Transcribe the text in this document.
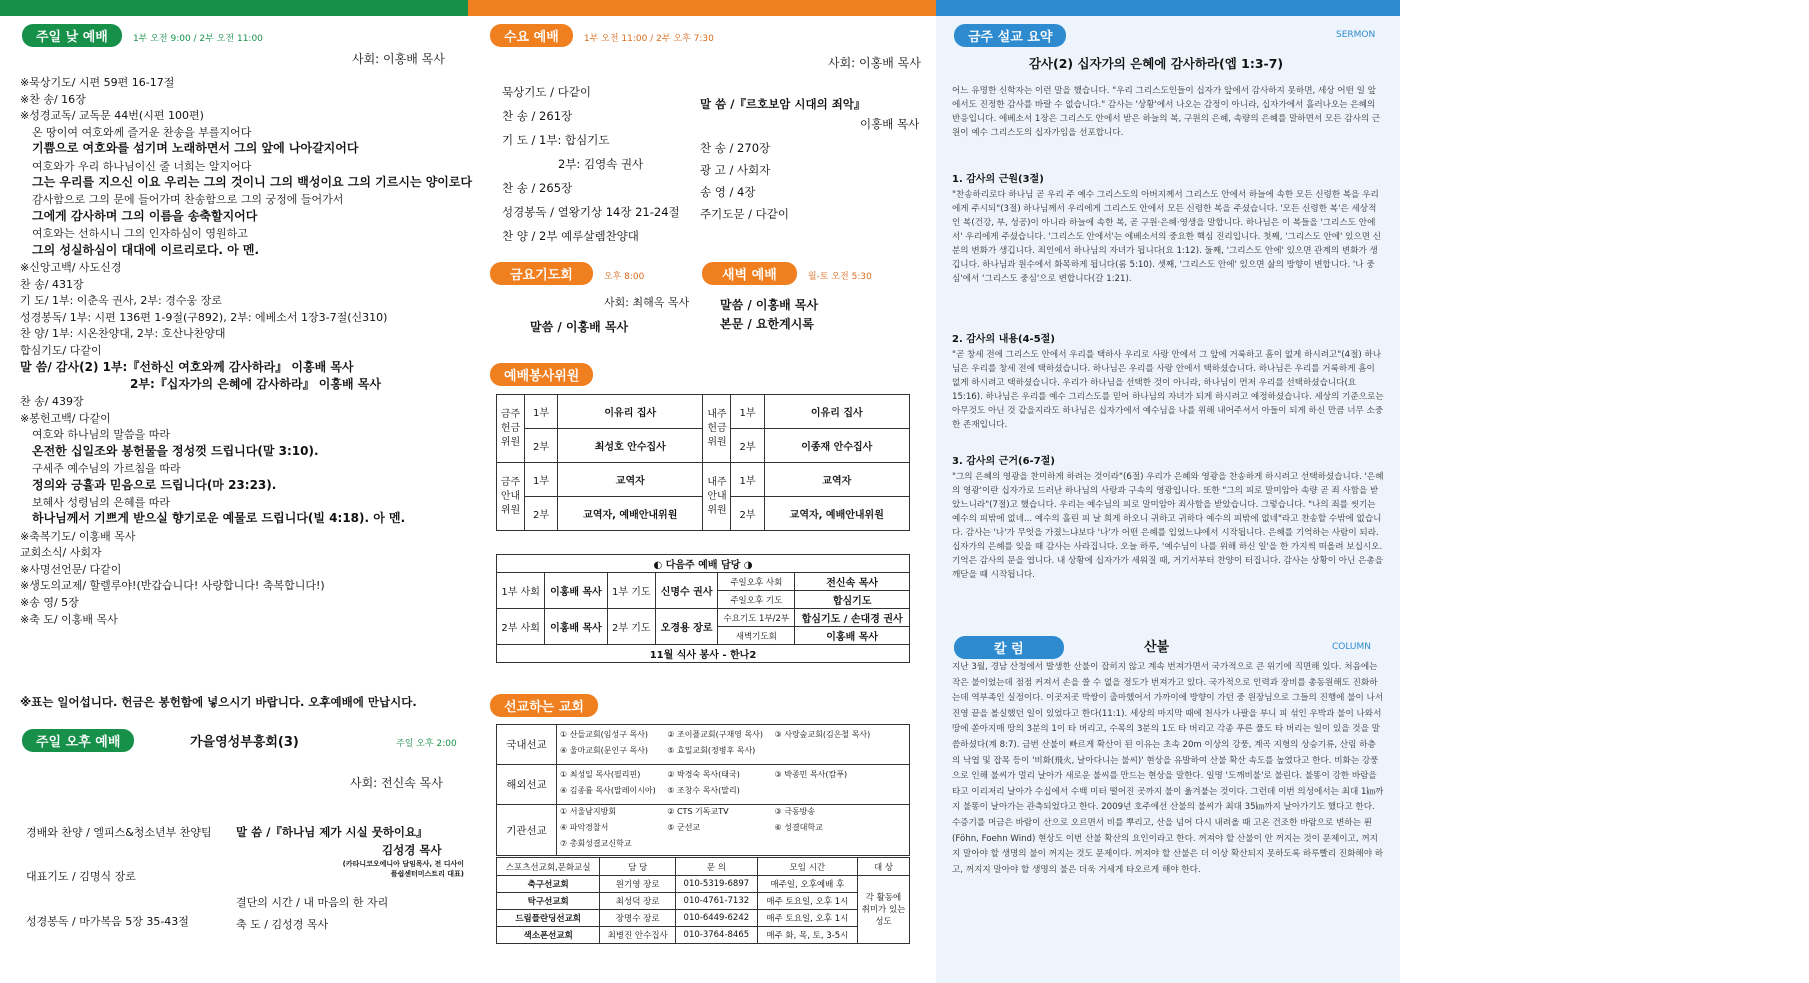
주일 낮 예배	1부 오전 9:00 / 2부 오전 11:00
사회: 이홍배 목사
※묵상기도/ 시편 59편 16-17절
※찬 송/ 16장
※성경교독/ 교독문 44번(시편 100편)
온 땅이여 여호와께 즐거운 찬송을 부를지어다
기쁨으로 여호와를 섬기며 노래하면서 그의 앞에 나아갈지어다
여호와가 우리 하나님이신 줄 너희는 알지어다
그는 우리를 지으신 이요 우리는 그의 것이니 그의 백성이요 그의 기르시는 양이로다
감사함으로 그의 문에 들어가며 찬송함으로 그의 궁정에 들어가서
그에게 감사하며 그의 이름을 송축할지어다
여호와는 선하시니 그의 인자하심이 영원하고
그의 성실하심이 대대에 이르리로다. 아 멘.
※신앙고백/ 사도신경
찬 송/ 431장
기 도/ 1부: 이춘옥 권사, 2부: 경수웅 장로
성경봉독/ 1부: 시편 136편 1-9절(구892), 2부: 에베소서 1장3-7절(신310)
찬 양/ 1부: 시온찬양대, 2부: 호산나찬양대
합심기도/ 다같이
말 씀/ 감사(2) 1부:『선하신 여호와께 감사하라』 이홍배 목사
2부:『십자가의 은혜에 감사하라』 이홍배 목사
찬 송/ 439장
※봉헌고백/ 다같이
여호와 하나님의 말씀을 따라
온전한 십일조와 봉헌물을 정성껏 드립니다(말 3:10).
구세주 예수님의 가르침을 따라
정의와 긍휼과 믿음으로 드립니다(마 23:23).
보혜사 성령님의 은혜를 따라
하나님께서 기쁘게 받으실 향기로운 예물로 드립니다(빌 4:18). 아 멘.
※축복기도/ 이홍배 목사
교회소식/ 사회자
※사명선언문/ 다같이
※생도의교제/ 할렐루야!(반갑습니다! 사랑합니다! 축복합니다!)
※송 영/ 5장
※축 도/ 이홍배 목사
※표는 일어섭니다. 헌금은 봉헌함에 넣으시기 바랍니다. 오후예배에 만납시다.
주일 오후 예배	가을영성부흥회(3)	주일 오후 2:00
사회: 전신속 목사
경배와 찬양 / 엘피스&청소년부 찬양팀
대표기도 / 김명식 장로
성경봉독 / 마가복음 5장 35-43절
말 씀 /『하나님 제가 시실 뭇하이요』
김성경 목사
(카타니코오에니아 담임목사, 전 디사이플쉽센터미스트리 대표)
결단의 시간 / 내 마음의 한 자리
축 도 / 김성경 목사
수요 예배	1부 오전 11:00 / 2부 오후 7:30
사회: 이홍배 목사
묵상기도 / 다같이
찬 송 / 261장
기 도 / 1부: 합심기도
2부: 김영속 권사
찬 송 / 265장
성경봉독 / 열왕기상 14장 21-24절
찬 양 / 2부 예루살렘찬양대
말 씀 /『르호보암 시대의 죄악』
이홍배 목사
찬 송 / 270장
광 고 / 사회자
송 영 / 4장
주기도문 / 다같이
금요기도회	오후 8:00
사회: 최해옥 목사
말씀 / 이홍배 목사
새벽 예배	월-토 오전 5:30
말씀 / 이홍배 목사
본문 / 요한계시록
예배봉사위원
금주 헌금 위원	1부	이유리 집사	내주 헌금 위원	1부	이유리 집사
	2부	최성호 안수집사		2부	이종재 안수집사
금주 안내 위원	1부	교역자	내주 안내 위원	1부	교역자
	2부	교역자, 예배안내위원		2부	교역자, 예배안내위원
◐ 다음주 예배 담당 ◑					
1부 사회	이홍배 목사	1부 기도	신명수 권사	주일오후 사회	전신속 목사
				주일오후 기도	합심기도
2부 사회	이홍배 목사	2부 기도	오경용 장로	수요기도 1부/2부	합심기도 / 손대경 권사
				새벽기도회	이홍배 목사
11월 식사 봉사 - 한나2					
선교하는 교회
국내선교	① 산들교회(임성구 목사) ② 조이플교회(구재영 목사) ③ 사랑숲교회(김은철 목사)④ 울마교회(문인구 목사) ⑤ 효밀교회(정병후 목사)
해외선교	① 최성일 목사(필리핀) ② 박경숙 목사(태국) ③ 박종민 목사(캄푸)④ 김종률 목사(말레이시아) ⑤ 조창수 목사(말리)
기관선교	① 서울남지방회 ② CTS 기독교TV ③ 극동방송④ 파악경찰서 ⑤ 군선교 ⑥ 성결대학교⑦ 총회성결교신학교
스포츠선교회,문화교실	담 당	문 의	모임 시간	대 상
축구선교회	원기영 장로	010-5319-6897	매주일, 오후예배 후	각 활동에 취미가 있는 성도
탁구선교회	최성덕 장로	010-4761-7132	매주 토요일, 오후 1시	
드림플란딩선교회	장명수 장로	010-6449-6242	매주 토요일, 오후 1시	
색소폰선교회	최병진 안수집사	010-3764-8465	매주 화, 목, 토, 3-5시	
금주 설교 요약	SERMON
감사(2) 십자가의 은혜에 감사하라(엡 1:3-7)
어느 유명한 신학자는 이런 말을 했습니다. "우리 그리스도인들이 십자가 앞에서 감사하지 못하면, 세상 어떤 일 앞에서도 진정한 감사를 바랄 수 없습니다." 감사는 '상황'에서 나오는 감정이 아니라, 십자가에서 흘러나오는 은혜의 반응입니다. 에베소서 1장은 그리스도 안에서 받은 하늘의 복, 구원의 은혜, 속량의 은혜를 말하면서 모든 감사의 근원이 예수 그리스도의 십자가임을 선포합니다.
1. 감사의 근원(3절)
"찬송하리로다 하나님 곧 우리 주 예수 그리스도의 아버지께서 그리스도 안에서 하늘에 속한 모든 신령한 복을 우리에게 주시되"(3절) 하나님께서 우리에게 그리스도 안에서 모든 신령한 복을 주셨습니다. '모든 신령한 복'은 세상적인 복(건강, 부, 성공)이 아니라 하늘에 속한 복, 곧 구원·은혜·영생을 말합니다. 하나님은 이 복들을 '그리스도 안에서' 우리에게 주셨습니다. '그리스도 안에서'는 에베소서의 중요한 핵심 진리입니다. 첫째, '그리스도 안에' 있으면 신분의 변화가 생깁니다. 죄인에서 하나님의 자녀가 됩니다(요 1:12). 둘째, '그리스도 안에' 있으면 관계의 변화가 생깁니다. 하나님과 원수에서 화목하게 됩니다(롬 5:10). 셋째, '그리스도 안에' 있으면 삶의 방향이 변합니다. '나 중심'에서 '그리스도 중심'으로 변합니다(갈 1:21).
2. 감사의 내용(4-5절)
"곧 창세 전에 그리스도 안에서 우리를 택하사 우리로 사랑 안에서 그 앞에 거룩하고 흠이 없게 하시려고"(4절) 하나님은 우리를 창세 전에 택하셨습니다. 하나님은 우리를 사랑 안에서 택하셨습니다. 하나님은 우리를 거룩하게 흠이 없게 하시려고 택하셨습니다. 우리가 하나님을 선택한 것이 아니라, 하나님이 먼저 우리를 선택하셨습니다(요 15:16). 하나님은 우리를 예수 그리스도를 믿어 하나님의 자녀가 되게 하시려고 예정하셨습니다. 세상의 기준으로는 아무것도 아닌 것 같을지라도 하나님은 십자가에서 예수님을 나를 위해 내어주셔서 아들이 되게 하신 만큼 너무 소중한 존재입니다.
3. 감사의 근거(6-7절)
"그의 은혜의 영광을 찬미하게 하려는 것이라"(6절) 우리가 은혜와 영광을 찬송하게 하시려고 선택하셨습니다. '은혜의 영광'이란 십자가로 드러난 하나님의 사랑과 구속의 영광입니다. 또한 "그의 피로 말미암아 속량 곧 죄 사함을 받았느니라"(7절)고 했습니다. 우리는 예수님의 피로 말미암아 죄사함을 받았습니다. 그렇습니다. "나의 죄를 씻기는 예수의 피밖에 없네... 예수의 흘린 피 날 희게 하오니 귀하고 귀하다 예수의 피밖에 없네"라고 찬송할 수밖에 없습니다. 감사는 '나'가 무엇을 가졌느냐보다 '나'가 어떤 은혜를 입었느냐에서 시작됩니다. 은혜를 기억하는 사람이 되라. 십자가의 은혜를 잊을 때 감사는 사라집니다. 오늘 하루, '예수님이 나를 위해 하신 일'을 한 가지씩 떠올려 보십시오. 기억은 감사의 문을 엽니다. 내 상황에 십자가가 세워질 때, 거기서부터 찬양이 터집니다. 감사는 상황이 아닌 은총을 깨닫을 때 시작됩니다.
칼 럼	산불	COLUMN
지난 3월, 경남 산청에서 발생한 산불이 잡히지 않고 계속 번져가면서 국가적으로 큰 위기에 직면해 있다. 처음에는 작은 불이었는데 점점 커져서 손을 쓸 수 없을 정도가 번져가고 있다. 국가적으로 인력과 장비를 총동원해도 진화하는데 역부족인 실정이다. 이곳저곳 박쌍이 출마했어서 가까이에 방향이 가던 중 원장님으로 그들의 진행에 불이 나서 진영 끝을 볼실했던 일이 있었다고 한다(11:1). 세상의 마지막 때에 천사가 나팔을 부니 피 섞인 우박과 불이 나와서 땅에 쏟아지매 땅의 3분의 1이 타 버리고, 수목의 3분의 1도 타 버리고 각종 푸른 풀도 타 버리는 일이 있을 것을 말씀하셨다(계 8:7). 금번 산불이 빠르게 확산이 된 이유는 초속 20m 이상의 강풍, 계곡 지형의 상승기류, 산림 하층의 낙엽 및 잡목 등이 '비화(飛火, 날아다니는 불씨)' 현상을 유발하여 산불 확산 속도를 높였다고 한다. 비화는 강풍으로 인해 불씨가 멀리 날아가 새로운 불씨를 만드는 현상을 말한다. 일명 '도깨비불'로 불린다. 불똥이 강한 바람을 타고 이리저리 날아가 수십에서 수백 미터 떨어진 곳까지 불이 옮겨붙는 것이다. 그런데 이번 의성에서는 최대 1㎞까지 불똥이 날아가는 관측되었다고 한다. 2009년 호주에선 산불의 불씨가 최대 35㎞까지 날아가기도 했다고 한다. 수증기를 머금은 바람이 산으로 오르면서 비를 뿌리고, 산을 넘어 다시 내려올 때 고온 건조한 바람으로 변하는 푄(Föhn, Foehn Wind) 현상도 이번 산불 확산의 요인이라고 한다. 꺼져야 할 산불이 안 꺼지는 것이 문제이고, 꺼지지 말아야 할 생명의 불이 꺼지는 것도 문제이다. 꺼져야 할 산불은 더 이상 확산되지 못하도록 하루빨리 진화해야 하고, 꺼지지 말아야 할 생명의 불은 더욱 거세게 타오르게 해야 한다.
